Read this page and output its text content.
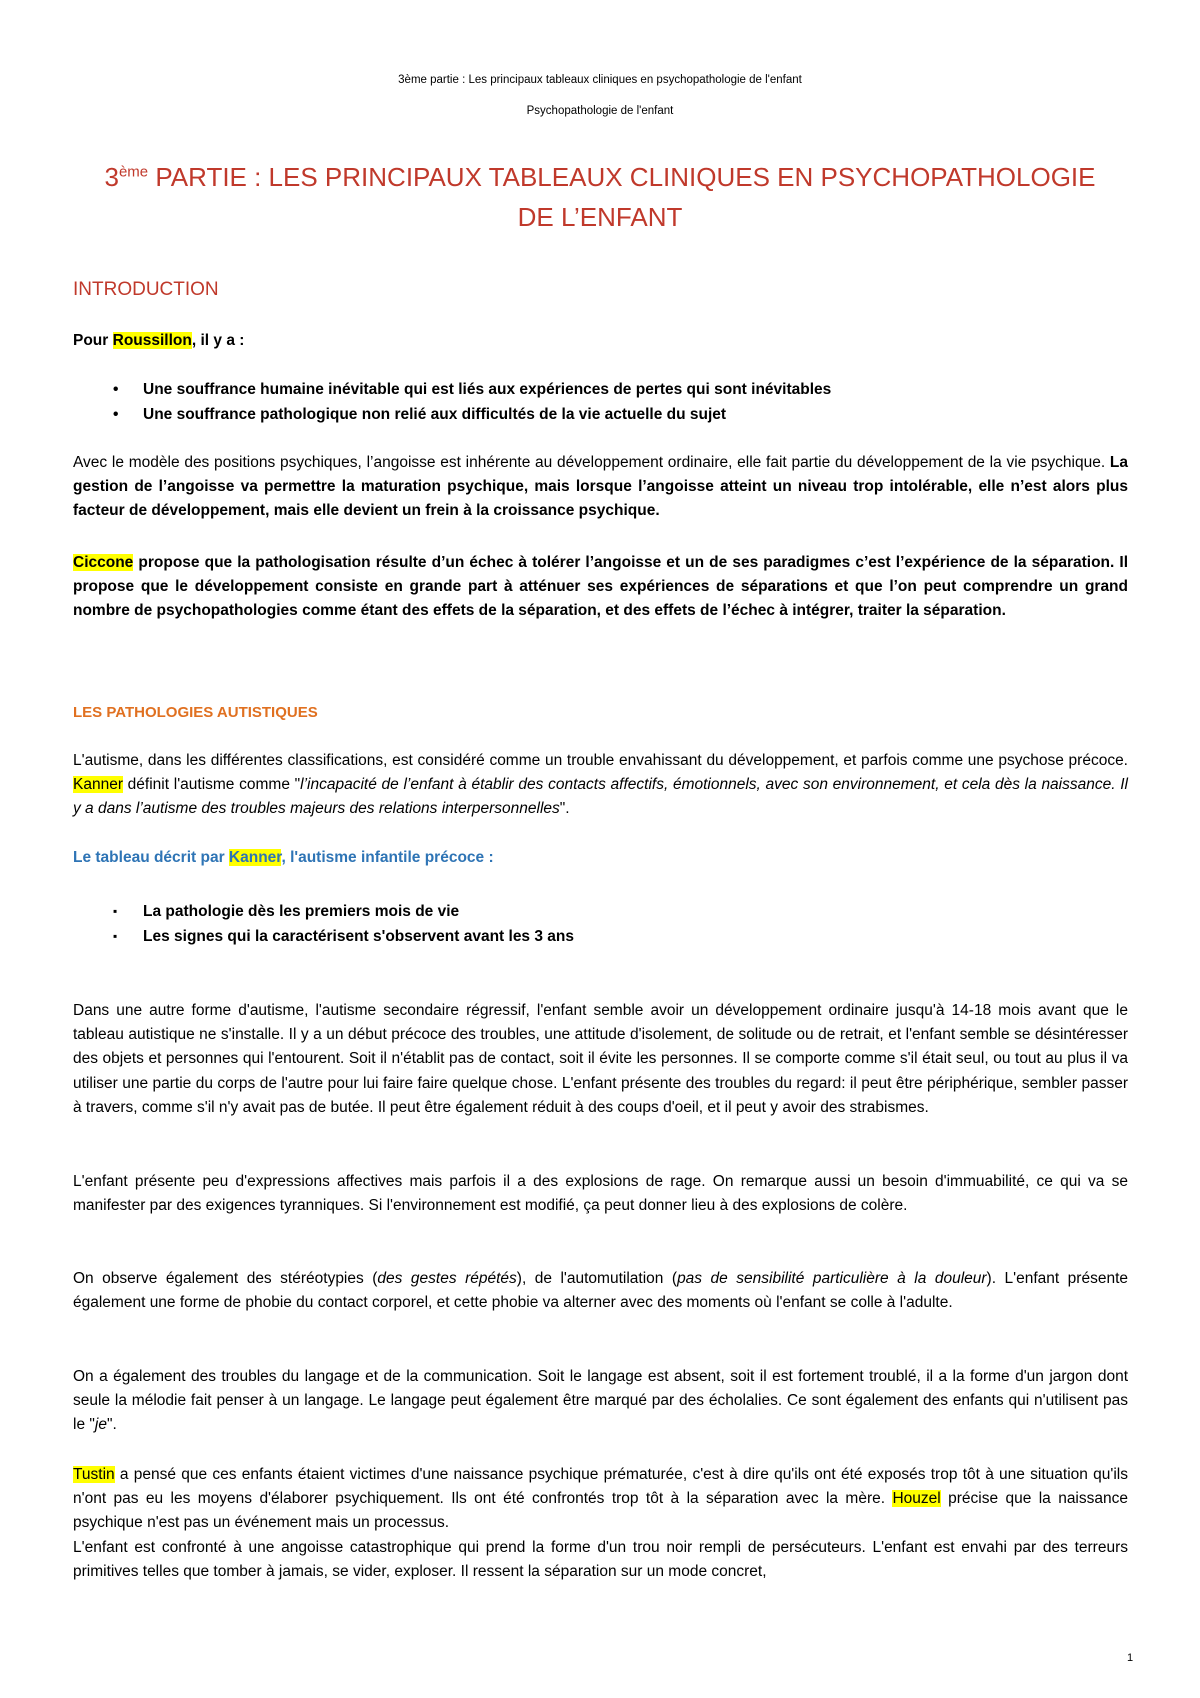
3ème partie : Les principaux tableaux cliniques en psychopathologie de l'enfant
Psychopathologie de l'enfant
3ème PARTIE : LES PRINCIPAUX TABLEAUX CLINIQUES EN PSYCHOPATHOLOGIE
DE L’ENFANT
INTRODUCTION
Pour Roussillon, il y a :
• Une souffrance humaine inévitable qui est liés aux expériences de pertes qui sont inévitables
• Une souffrance pathologique non relié aux difficultés de la vie actuelle du sujet
Avec le modèle des positions psychiques, l’angoisse est inhérente au développement ordinaire, elle fait partie du développement de la vie psychique. La gestion de l’angoisse va permettre la maturation psychique, mais lorsque l’angoisse atteint un niveau trop intolérable, elle n’est alors plus facteur de développement, mais elle devient un frein à la croissance psychique.
Ciccone propose que la pathologisation résulte d’un échec à tolérer l’angoisse et un de ses paradigmes c’est l’expérience de la séparation. Il propose que le développement consiste en grande part à atténuer ses expériences de séparations et que l’on peut comprendre un grand nombre de psychopathologies comme étant des effets de la séparation, et des effets de l’échec à intégrer, traiter la séparation.
LES PATHOLOGIES AUTISTIQUES
L'autisme, dans les différentes classifications, est considéré comme un trouble envahissant du développement, et parfois comme une psychose précoce. Kanner définit l'autisme comme "l’incapacité de l’enfant à établir des contacts affectifs, émotionnels, avec son environnement, et cela dès la naissance. Il y a dans l’autisme des troubles majeurs des relations interpersonnelles".
Le tableau décrit par Kanner, l'autisme infantile précoce :
▪ La pathologie dès les premiers mois de vie
▪ Les signes qui la caractérisent s'observent avant les 3 ans
Dans une autre forme d'autisme, l'autisme secondaire régressif, l'enfant semble avoir un développement ordinaire jusqu'à 14-18 mois avant que le tableau autistique ne s'installe. Il y a un début précoce des troubles, une attitude d'isolement, de solitude ou de retrait, et l'enfant semble se désintéresser des objets et personnes qui l'entourent. Soit il n'établit pas de contact, soit il évite les personnes. Il se comporte comme s'il était seul, ou tout au plus il va utiliser une partie du corps de l'autre pour lui faire faire quelque chose. L'enfant présente des troubles du regard: il peut être périphérique, sembler passer à travers, comme s'il n'y avait pas de butée. Il peut être également réduit à des coups d'oeil, et il peut y avoir des strabismes.
L'enfant présente peu d'expressions affectives mais parfois il a des explosions de rage. On remarque aussi un besoin d'immuabilité, ce qui va se manifester par des exigences tyranniques. Si l'environnement est modifié, ça peut donner lieu à des explosions de colère.
On observe également des stéréotypies (des gestes répétés), de l'automutilation (pas de sensibilité particulière à la douleur). L'enfant présente également une forme de phobie du contact corporel, et cette phobie va alterner avec des moments où l'enfant se colle à l'adulte.
On a également des troubles du langage et de la communication. Soit le langage est absent, soit il est fortement troublé, il a la forme d'un jargon dont seule la mélodie fait penser à un langage. Le langage peut également être marqué par des écholalies. Ce sont également des enfants qui n'utilisent pas le "je".
Tustin a pensé que ces enfants étaient victimes d'une naissance psychique prématurée, c'est à dire qu'ils ont été exposés trop tôt à une situation qu'ils n'ont pas eu les moyens d'élaborer psychiquement. Ils ont été confrontés trop tôt à la séparation avec la mère. Houzel précise que la naissance psychique n'est pas un événement mais un processus.
L'enfant est confronté à une angoisse catastrophique qui prend la forme d'un trou noir rempli de persécuteurs. L'enfant est envahi par des terreurs primitives telles que tomber à jamais, se vider, exploser. Il ressent la séparation sur un mode concret,
1
